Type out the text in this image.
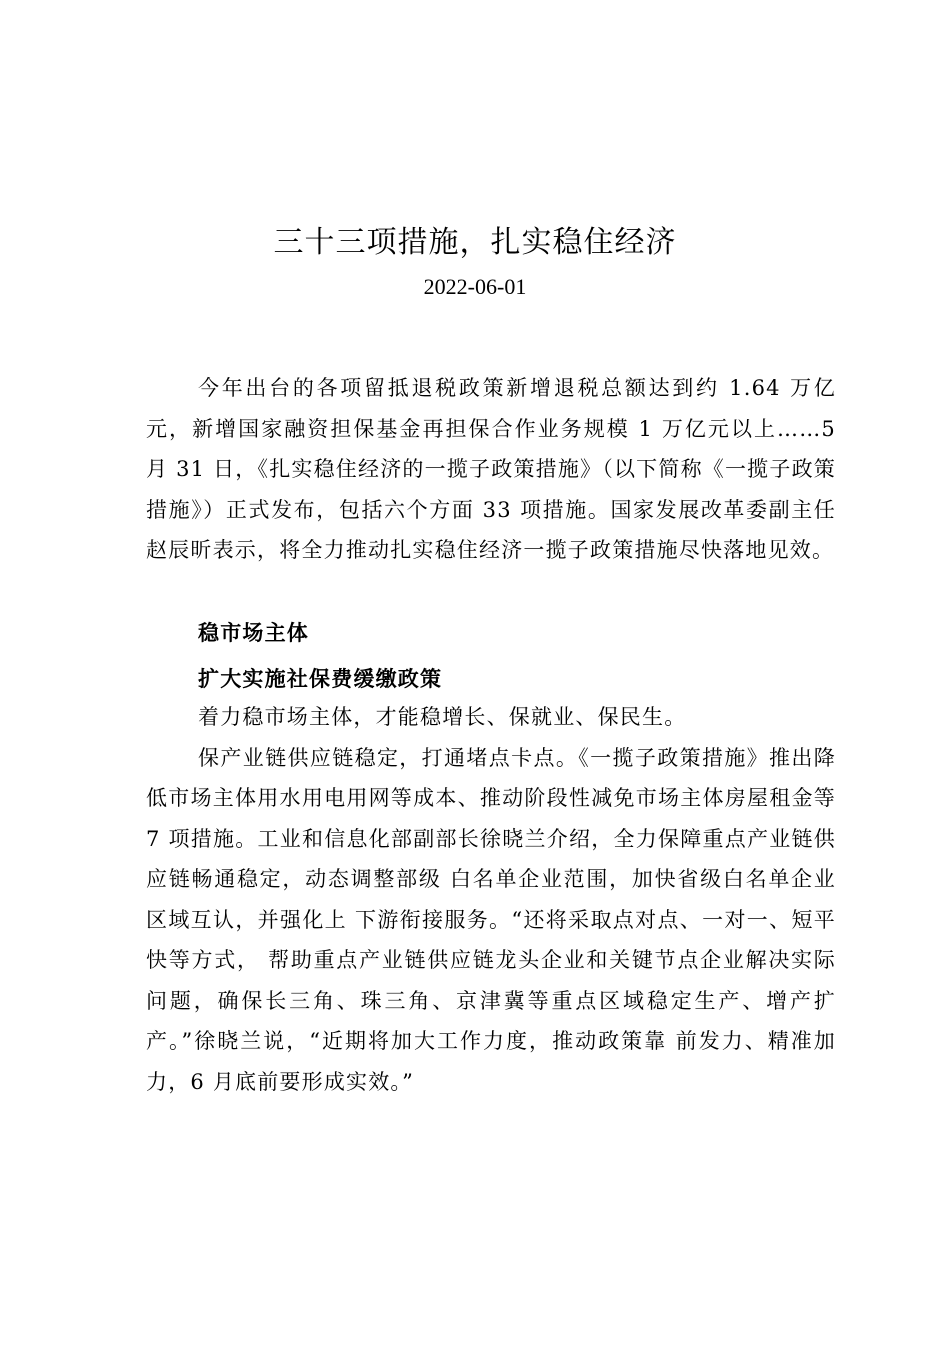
三十三项措施，扎实稳住经济
2022-06-01

今年出台的各项留抵退税政策新增退税总额达到约 1.64 万亿元，新增国家融资担保基金再担保合作业务规模 1 万亿元以上……5 月 31 日，《扎实稳住经济的一揽子政策措施》（以下简称《一揽子政策措施》）正式发布，包括六个方面 33 项措施。国家发展改革委副主任赵辰昕表示，将全力推动扎实稳住经济一揽子政策措施尽快落地见效。

稳市场主体

扩大实施社保费缓缴政策

着力稳市场主体，才能稳增长、保就业、保民生。

保产业链供应链稳定，打通堵点卡点。《一揽子政策措施》推出降低市场主体用水用电用网等成本、推动阶段性减免市场主体房屋租金等 7 项措施。工业和信息化部副部长徐晓兰介绍，全力保障重点产业链供应链畅通稳定，动态调整部级 白名单企业范围，加快省级白名单企业区域互认，并强化上 下游衔接服务。“还将采取点对点、一对一、短平快等方式， 帮助重点产业链供应链龙头企业和关键节点企业解决实际 问题，确保长三角、珠三角、京津冀等重点区域稳定生产、增产扩产。”徐晓兰说，“近期将加大工作力度，推动政策靠 前发力、精准加力，6 月底前要形成实效。”
